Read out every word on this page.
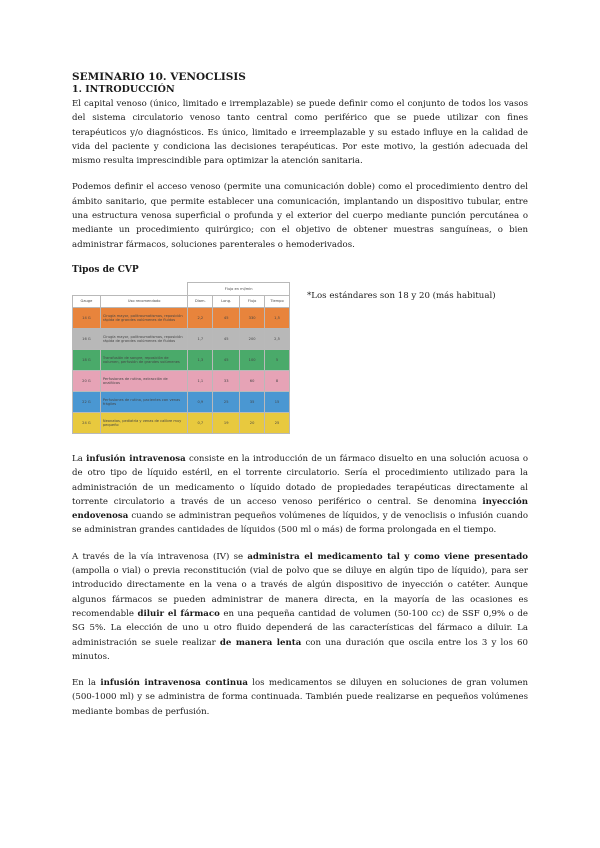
SEMINARIO 10. VENOCLISIS

1. INTRODUCCIÓN

El capital venoso (único, limitado e irremplazable) se puede definir como el conjunto de todos los vasos del sistema circulatorio venoso tanto central como periférico que se puede utilizar con fines terapéuticos y/o diagnósticos. Es único, limitado e irreemplazable y su estado influye en la calidad de vida del paciente y condiciona las decisiones terapéuticas. Por este motivo, la gestión adecuada del mismo resulta imprescindible para optimizar la atención sanitaria.

Podemos definir el acceso venoso (permite una comunicación doble) como el procedimiento dentro del ámbito sanitario, que permite establecer una comunicación, implantando un dispositivo tubular, entre una estructura venosa superficial o profunda y el exterior del cuerpo mediante punción percutánea o mediante un procedimiento quirúrgico; con el objetivo de obtener muestras sanguíneas, o bien administrar fármacos, soluciones parenterales o hemoderivados.

Tipos de CVP

		Flujo en ml/min			
Gauge	Uso recomendado	Diam.	Long.	Flujo	Tiempo
14 G	Cirugía mayor, politraumatismos, reposición rápida de grandes volúmenes de fluidos	2,2	45	330	1,5
16 G	Cirugía mayor, politraumatismos, reposición rápida de grandes volúmenes de fluidos	1,7	45	200	2,5
18 G	Transfusión de sangre, reposición de volumen, perfusión de grandes volúmenes	1,3	45	100	5
20 G	Perfusiones de rutina, extracción de analíticas	1,1	33	60	8
22 G	Perfusiones de rutina, pacientes con venas frágiles	0,9	25	35	15
24 G	Neonatos, pediatría y venas de calibre muy pequeño	0,7	19	20	25
*Los estándares son 18 y 20 (más habitual)

La infusión intravenosa consiste en la introducción de un fármaco disuelto en una solución acuosa o de otro tipo de líquido estéril, en el torrente circulatorio. Sería el procedimiento utilizado para la administración de un medicamento o líquido dotado de propiedades terapéuticas directamente al torrente circulatorio a través de un acceso venoso periférico o central. Se denomina inyección endovenosa cuando se administran pequeños volúmenes de líquidos, y de venoclisis o infusión cuando se administran grandes cantidades de líquidos (500 ml o más) de forma prolongada en el tiempo.

A través de la vía intravenosa (IV) se administra el medicamento tal y como viene presentado (ampolla o vial) o previa reconstitución (vial de polvo que se diluye en algún tipo de líquido), para ser introducido directamente en la vena o a través de algún dispositivo de inyección o catéter. Aunque algunos fármacos se pueden administrar de manera directa, en la mayoría de las ocasiones es recomendable diluir el fármaco en una pequeña cantidad de volumen (50-100 cc) de SSF 0,9% o de SG 5%. La elección de uno u otro fluido dependerá de las características del fármaco a diluir. La administración se suele realizar de manera lenta con una duración que oscila entre los 3 y los 60 minutos.

En la infusión intravenosa continua los medicamentos se diluyen en soluciones de gran volumen (500-1000 ml) y se administra de forma continuada. También puede realizarse en pequeños volúmenes mediante bombas de perfusión.
